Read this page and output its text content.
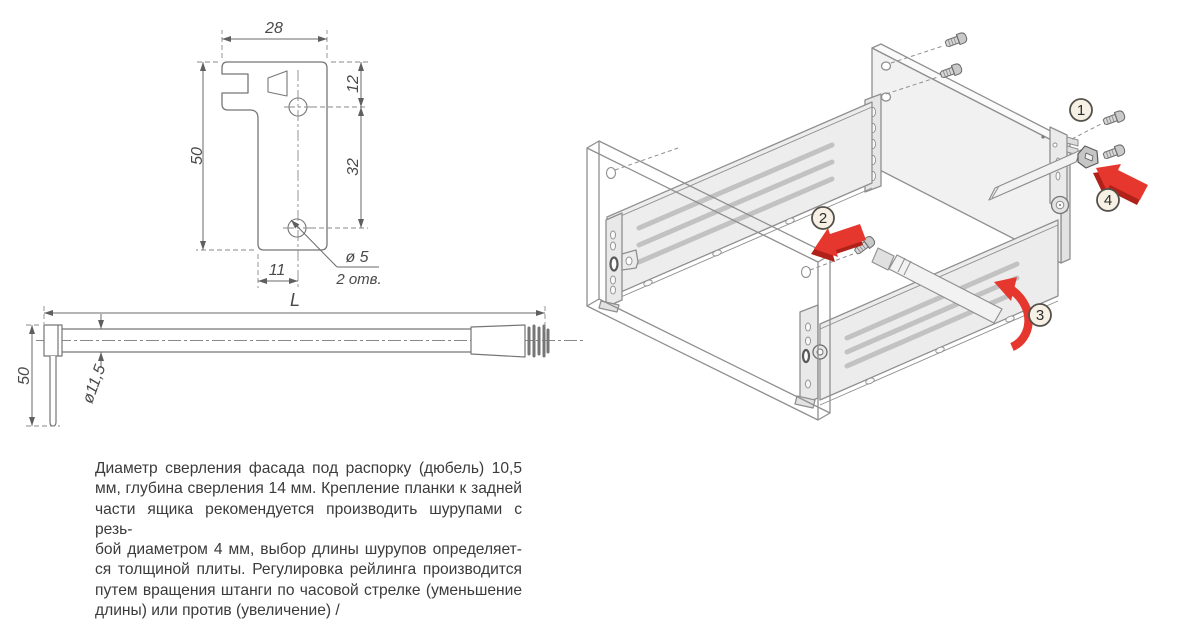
28
50
12
32
11
ø 5
2 отв.
L
50	ø11,5
1
2
3
4
Диаметр сверления фасада под распорку (дюбель) 10,5
мм, глубина сверления 14 мм. Крепление планки к задней
части ящика рекомендуется производить шурупами с резь-
бой диаметром 4 мм, выбор длины шурупов определяет-
ся толщиной плиты. Регулировка рейлинга производится
путем вращения штанги по часовой стрелке (уменьшение
длины) или против (увеличение) /
